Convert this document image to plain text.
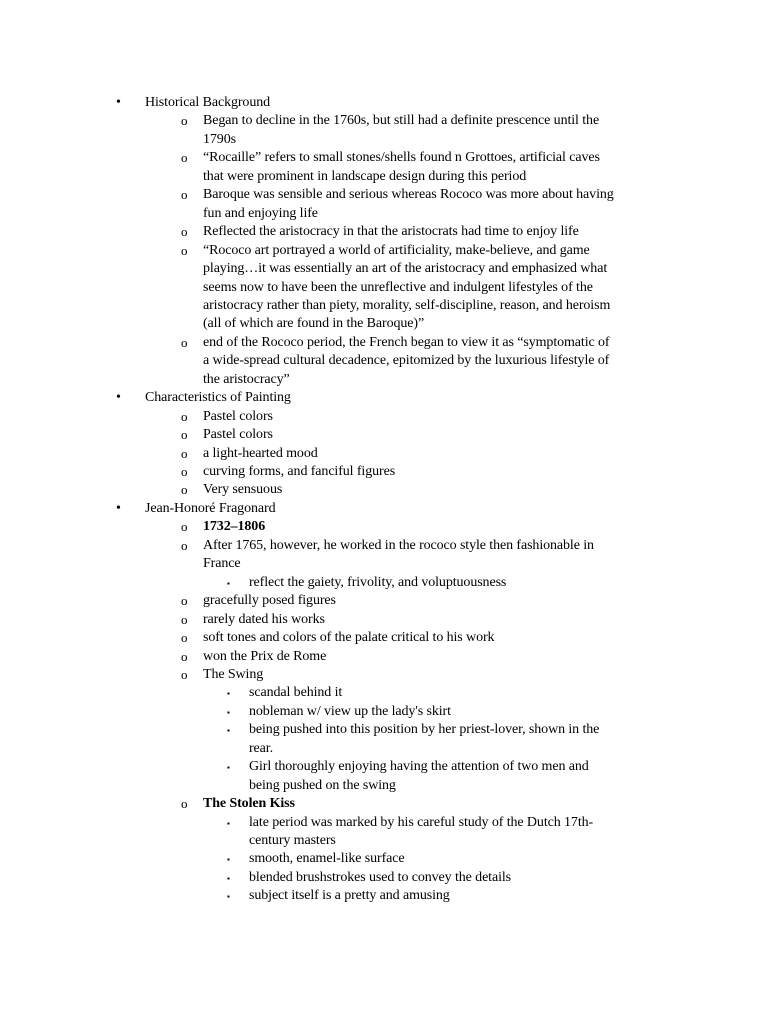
• Historical Background
o Began to decline in the 1760s, but still had a definite prescence until the
1790s
o “Rocaille” refers to small stones/shells found n Grottoes, artificial caves
that were prominent in landscape design during this period
o Baroque was sensible and serious whereas Rococo was more about having
fun and enjoying life
o Reflected the aristocracy in that the aristocrats had time to enjoy life
o “Rococo art portrayed a world of artificiality, make-believe, and game
playing…it was essentially an art of the aristocracy and emphasized what
seems now to have been the unreflective and indulgent lifestyles of the
aristocracy rather than piety, morality, self-discipline, reason, and heroism
(all of which are found in the Baroque)”
o end of the Rococo period, the French began to view it as “symptomatic of
a wide-spread cultural decadence, epitomized by the luxurious lifestyle of
the aristocracy”
• Characteristics of Painting
o Pastel colors
o Pastel colors
o a light-hearted mood
o curving forms, and fanciful figures
o Very sensuous
• Jean-Honoré Fragonard
o 1732–1806
o After 1765, however, he worked in the rococo style then fashionable in
France
▪ reflect the gaiety, frivolity, and voluptuousness
o gracefully posed figures
o rarely dated his works
o soft tones and colors of the palate critical to his work
o won the Prix de Rome
o The Swing
▪ scandal behind it
▪ nobleman w/ view up the lady's skirt
▪ being pushed into this position by her priest-lover, shown in the
rear.
▪ Girl thoroughly enjoying having the attention of two men and
being pushed on the swing
o The Stolen Kiss
▪ late period was marked by his careful study of the Dutch 17th-
century masters
▪ smooth, enamel-like surface
▪ blended brushstrokes used to convey the details
▪ subject itself is a pretty and amusing
